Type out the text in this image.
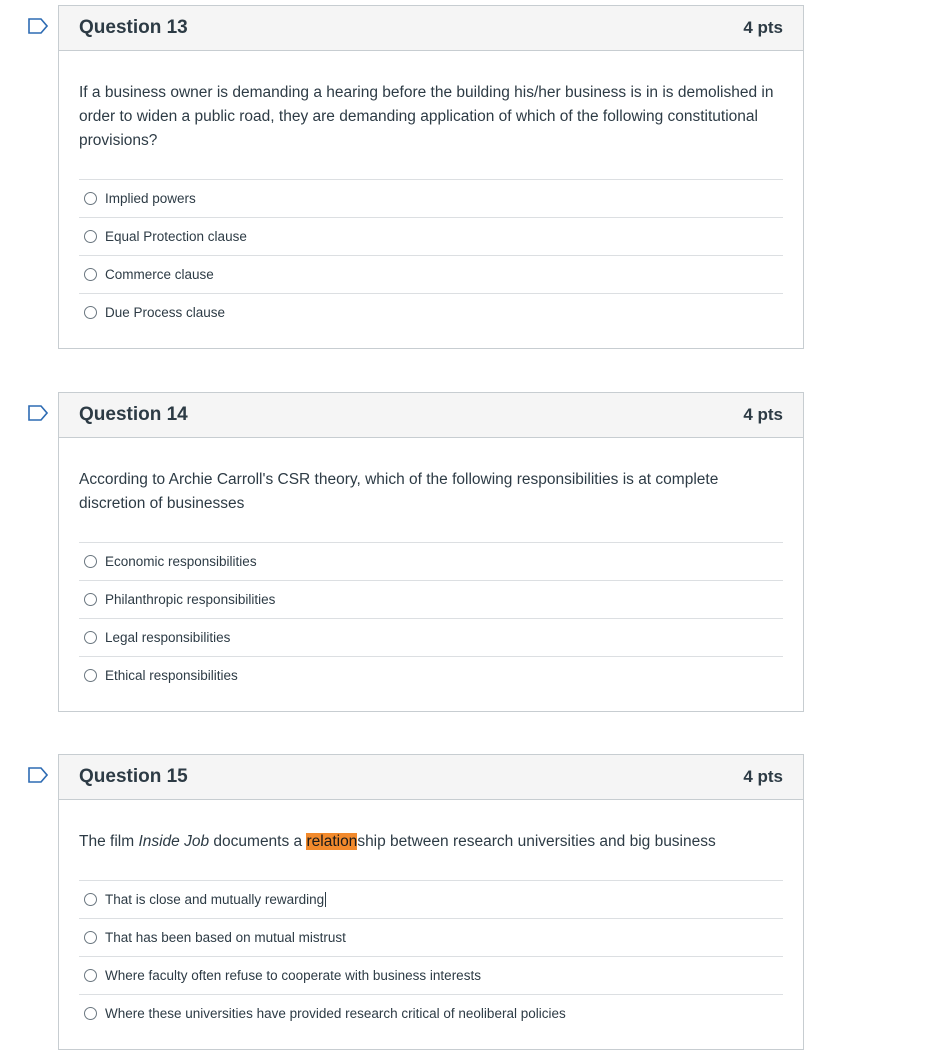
Question 13	4 pts

If a business owner is demanding a hearing before the building his/her business is in is demolished in order to widen a public road, they are demanding application of which of the following constitutional provisions?

Implied powers
Equal Protection clause
Commerce clause
Due Process clause
Question 14	4 pts

According to Archie Carroll's CSR theory, which of the following responsibilities is at complete discretion of businesses

Economic responsibilities
Philanthropic responsibilities
Legal responsibilities
Ethical responsibilities
Question 15	4 pts

The film Inside Job documents a relationship between research universities and big business

That is close and mutually rewarding
That has been based on mutual mistrust
Where faculty often refuse to cooperate with business interests
Where these universities have provided research critical of neoliberal policies
